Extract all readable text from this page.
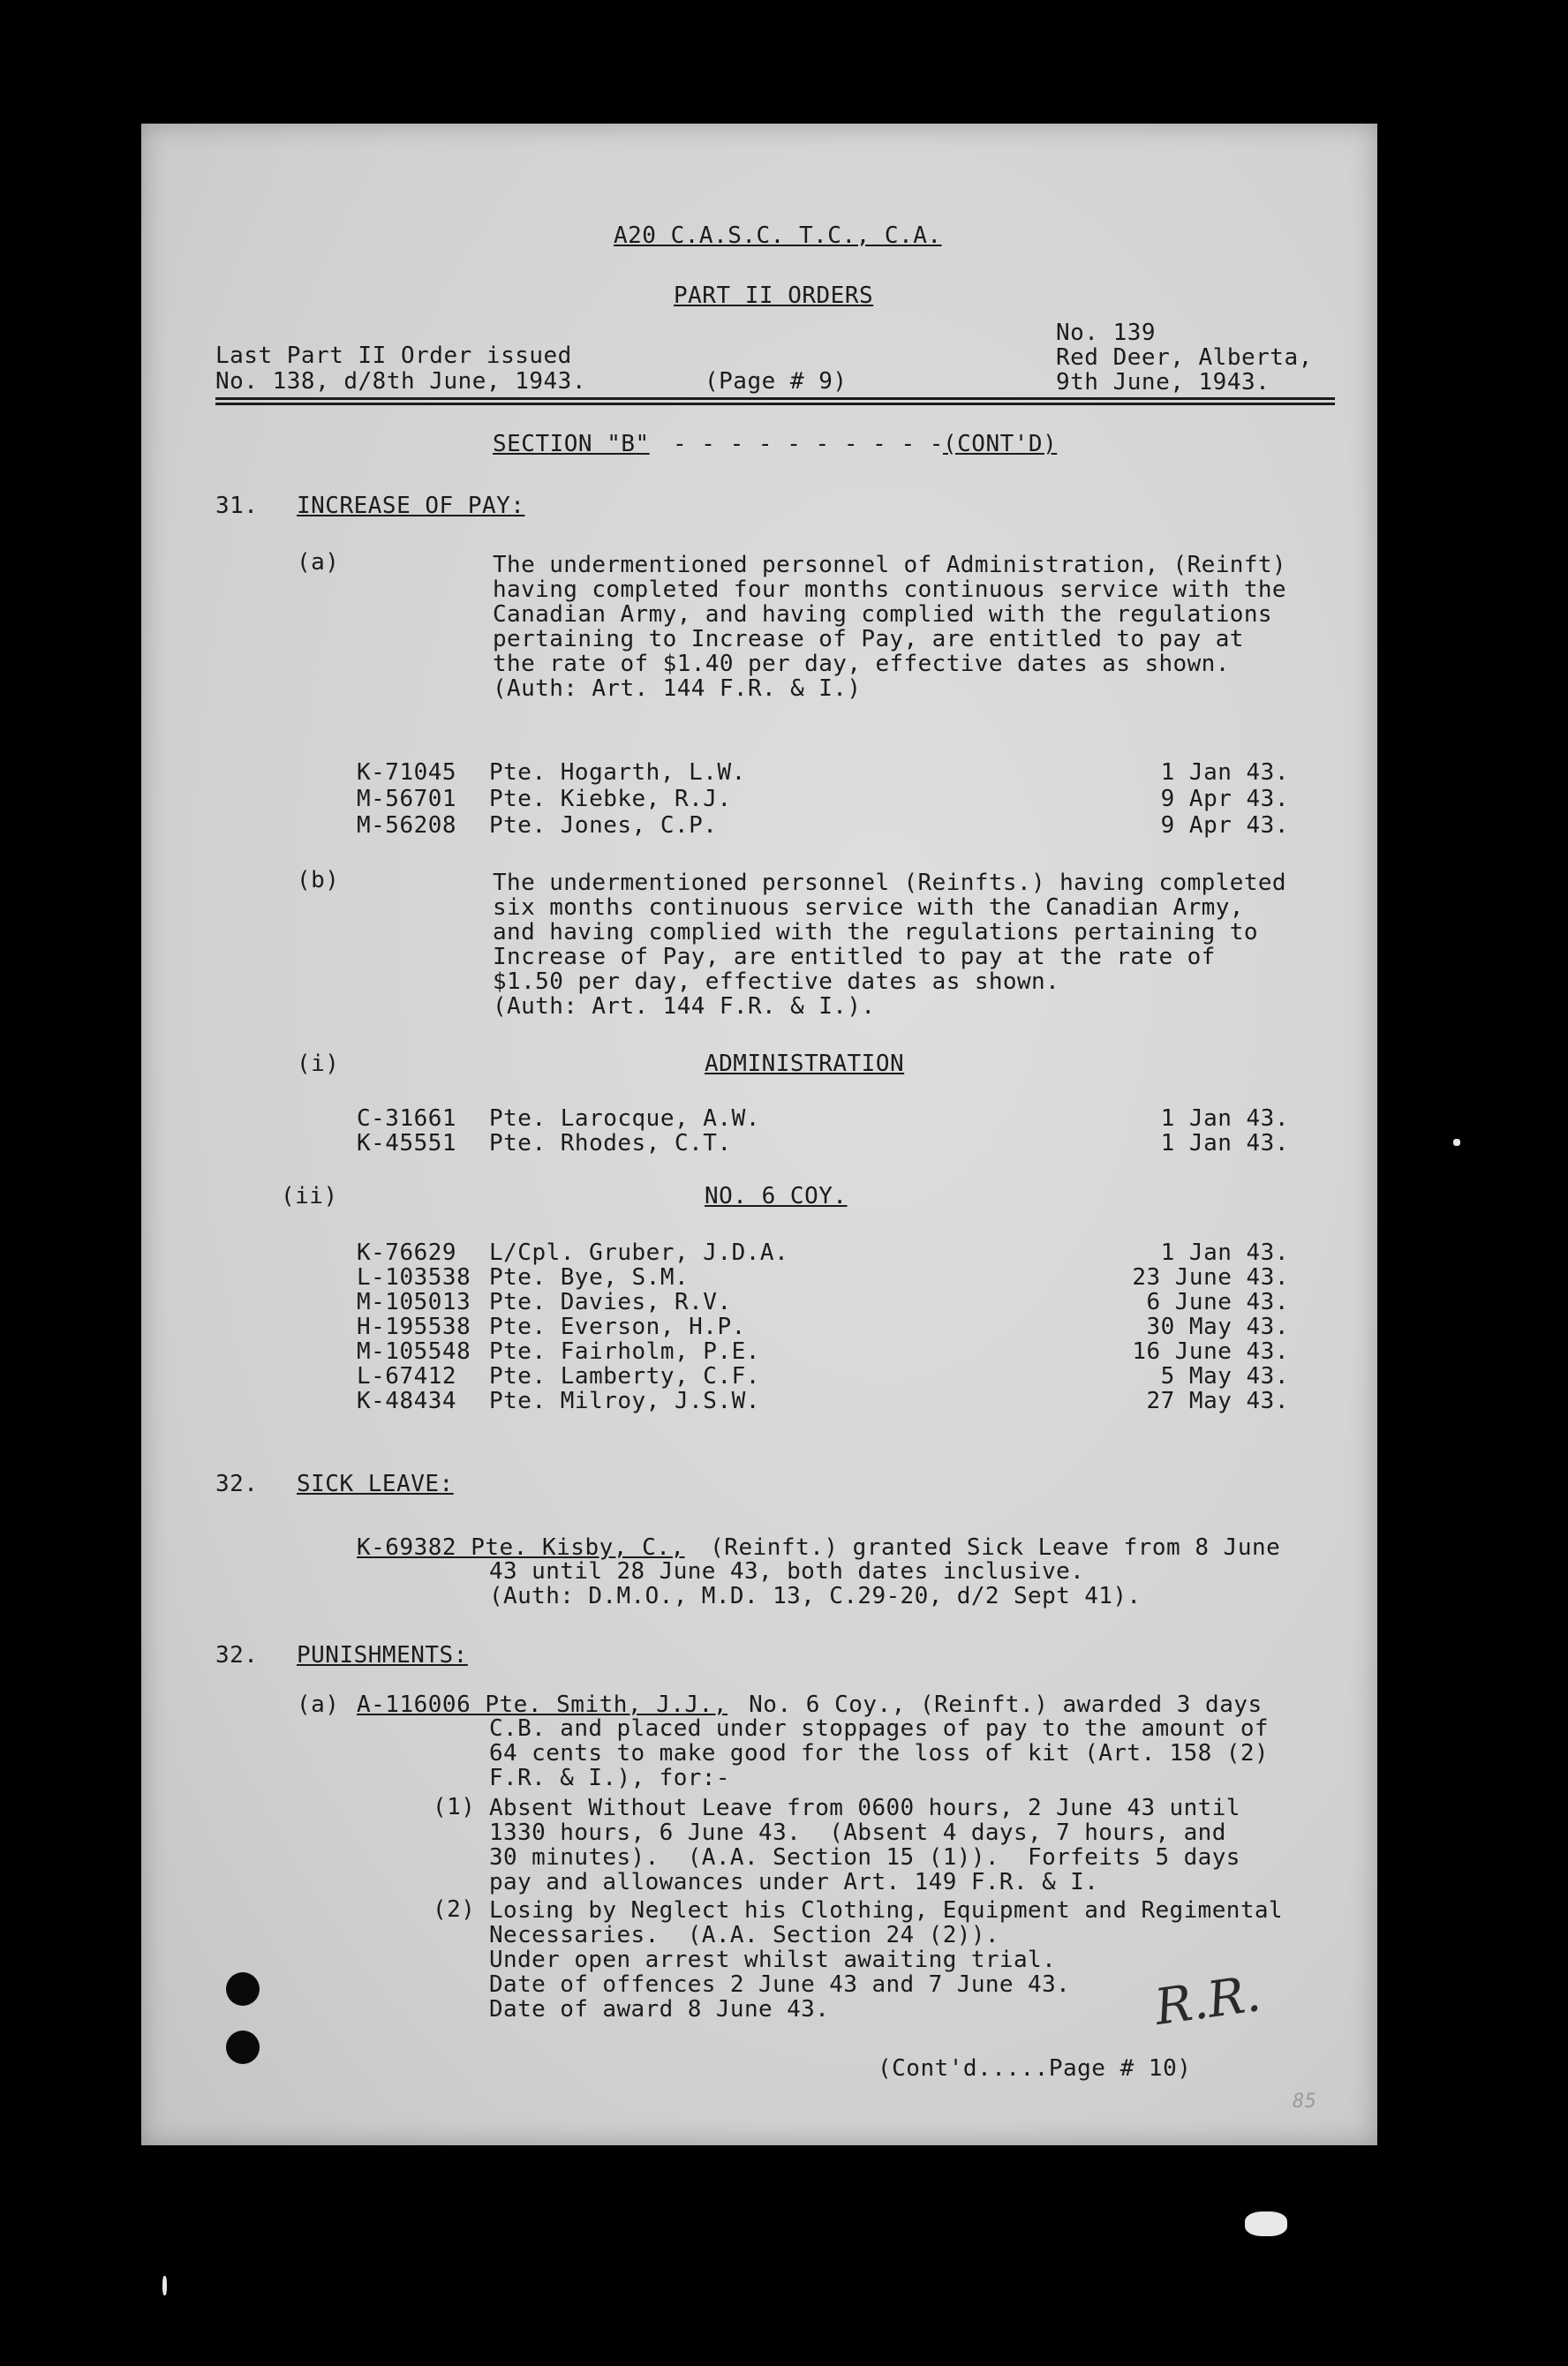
A20 C.A.S.C. T.C., C.A.
PART II ORDERS
Last Part II Order issued
No. 138, d/8th June, 1943.	(Page # 9)
No. 139
Red Deer, Alberta,
9th June, 1943.
SECTION "B" - - - - - - - - - - (CONT'D)
31. INCREASE OF PAY:
(a)	The undermentioned personnel of Administration, (Reinft)
having completed four months continuous service with the
Canadian Army, and having complied with the regulations
pertaining to Increase of Pay, are entitled to pay at
the rate of $1.40 per day, effective dates as shown.
(Auth: Art. 144 F.R. & I.)
K-71045 Pte. Hogarth, L.W.	1 Jan 43.
M-56701 Pte. Kiebke, R.J.	9 Apr 43.
M-56208 Pte. Jones, C.P.	9 Apr 43.
(b)	The undermentioned personnel (Reinfts.) having completed
six months continuous service with the Canadian Army,
and having complied with the regulations pertaining to
Increase of Pay, are entitled to pay at the rate of
$1.50 per day, effective dates as shown.
(Auth: Art. 144 F.R. & I.).
(i)	ADMINISTRATION
C-31661 Pte. Larocque, A.W.	1 Jan 43.
K-45551 Pte. Rhodes, C.T.	1 Jan 43.
(ii)	NO. 6 COY.
K-76629 L/Cpl. Gruber, J.D.A.	1 Jan 43.
L-103538 Pte. Bye, S.M.	23 June 43.
M-105013 Pte. Davies, R.V.	6 June 43.
H-195538 Pte. Everson, H.P.	30 May 43.
M-105548 Pte. Fairholm, P.E.	16 June 43.
L-67412 Pte. Lamberty, C.F.	5 May 43.
K-48434 Pte. Milroy, J.S.W.	27 May 43.
32. SICK LEAVE:
K-69382 Pte. Kisby, C., (Reinft.) granted Sick Leave from 8 June
43 until 28 June 43, both dates inclusive.
(Auth: D.M.O., M.D. 13, C.29-20, d/2 Sept 41).
32. PUNISHMENTS:
(a) A-116006 Pte. Smith, J.J., No. 6 Coy., (Reinft.) awarded 3 days
C.B. and placed under stoppages of pay to the amount of
64 cents to make good for the loss of kit (Art. 158 (2)
F.R. & I.), for:-
(1) Absent Without Leave from 0600 hours, 2 June 43 until
1330 hours, 6 June 43.  (Absent 4 days, 7 hours, and
30 minutes).  (A.A. Section 15 (1)).  Forfeits 5 days
pay and allowances under Art. 149 F.R. & I.
(2) Losing by Neglect his Clothing, Equipment and Regimental
Necessaries.  (A.A. Section 24 (2)).
Under open arrest whilst awaiting trial.
Date of offences 2 June 43 and 7 June 43.
Date of award 8 June 43.	R.R.
(Cont'd.....Page # 10)
85
